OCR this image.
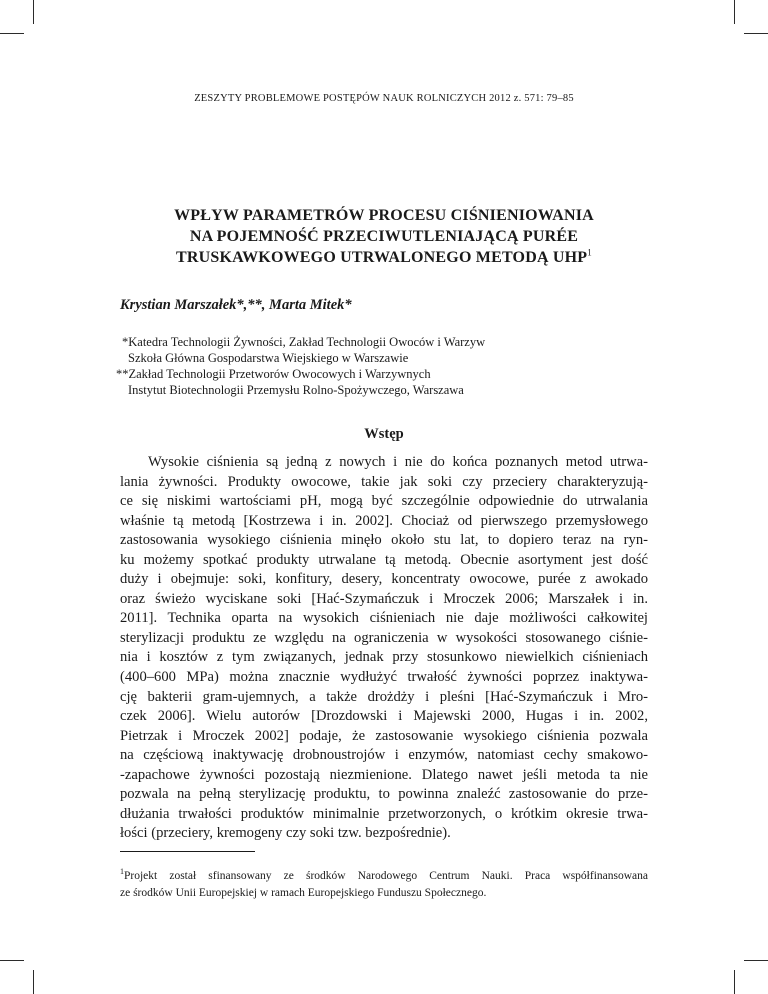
ZESZYTY PROBLEMOWE POSTĘPÓW NAUK ROLNICZYCH 2012 z. 571: 79–85
WPŁYW PARAMETRÓW PROCESU CIŚNIENIOWANIA
NA POJEMNOŚĆ PRZECIWUTLENIAJĄCĄ PURÉE
TRUSKAWKOWEGO UTRWALONEGO METODĄ UHP$^1$
Krystian Marszałek*,**, Marta Mitek*

*Katedra Technologii Żywności, Zakład Technologii Owoców i Warzyw

Szkoła Główna Gospodarstwa Wiejskiego w Warszawie

**Zakład Technologii Przetworów Owocowych i Warzywnych

Instytut Biotechnologii Przemysłu Rolno-Spożywczego, Warszawa

Wstęp
Wysokie ciśnienia są jedną z nowych i nie do końca poznanych metod utrwa-
lania żywności. Produkty owocowe, takie jak soki czy przeciery charakteryzują-
ce się niskimi wartościami pH, mogą być szczególnie odpowiednie do utrwalania
właśnie tą metodą [Kostrzewa i in. 2002]. Chociaż od pierwszego przemysłowego
zastosowania wysokiego ciśnienia minęło około stu lat, to dopiero teraz na ryn-
ku możemy spotkać produkty utrwalane tą metodą. Obecnie asortyment jest dość
duży i obejmuje: soki, konfitury, desery, koncentraty owocowe, purée z awokado
oraz świeżo wyciskane soki [Hać-Szymańczuk i Mroczek 2006; Marszałek i in.
2011]. Technika oparta na wysokich ciśnieniach nie daje możliwości całkowitej
sterylizacji produktu ze względu na ograniczenia w wysokości stosowanego ciśnie-
nia i kosztów z tym związanych, jednak przy stosunkowo niewielkich ciśnieniach
(400–600 MPa) można znacznie wydłużyć trwałość żywności poprzez inaktywa-
cję bakterii gram-ujemnych, a także drożdży i pleśni [Hać-Szymańczuk i Mro-
czek 2006]. Wielu autorów [Drozdowski i Majewski 2000, Hugas i in. 2002,
Pietrzak i Mroczek 2002] podaje, że zastosowanie wysokiego ciśnienia pozwala
na częściową inaktywację drobnoustrojów i enzymów, natomiast cechy smakowo-
-zapachowe żywności pozostają niezmienione. Dlatego nawet jeśli metoda ta nie
pozwala na pełną sterylizację produktu, to powinna znaleźć zastosowanie do prze-
dłużania trwałości produktów minimalnie przetworzonych, o krótkim okresie trwa-
łości (przeciery, kremogeny czy soki tzw. bezpośrednie).
$^1$Projekt został sfinansowany ze środków Narodowego Centrum Nauki. Praca współfinansowana
ze środków Unii Europejskiej w ramach Europejskiego Funduszu Społecznego.
